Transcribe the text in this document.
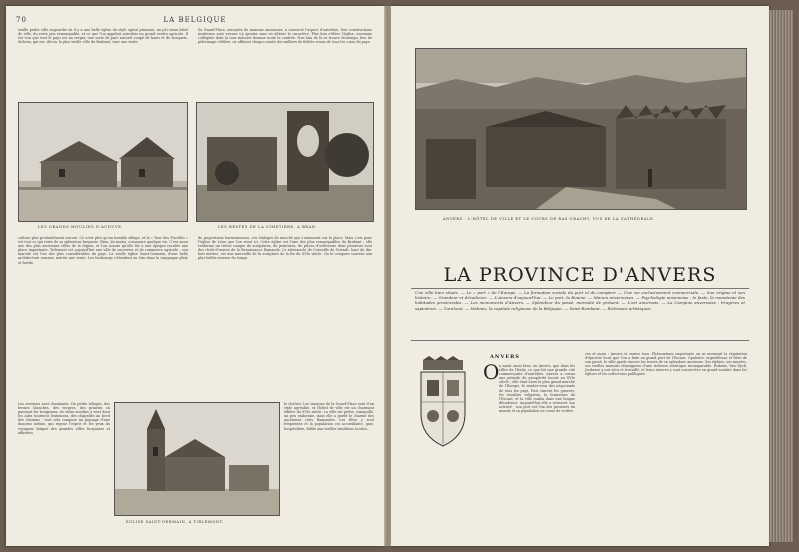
70	LA BELGIQUE
vieille petite ville engourdie où il y a une belle église du style ogival primaire, un joli vieux hôtel de ville, du reste peu remarquable, et ce que l'on appelait autrefois un grand centre agricole. Il est vrai que tout le pays est un verger, une sorte de parc naturel coupé de haies et de bosquets. Sichem, qui est, dit-on, la plus vieille ville du Brabant, vaut une visite.
Sa Grand'Place, entourée de maisons anciennes, a conservé l'aspect d'autrefois. Des constructions modernes sont venues s'y ajouter sans en altérer le caractère. Plus loin s'élève l'église, ancienne collégiale dont la tour massive domine toute la contrée. Non loin de là se trouve Montaigu, lieu de pèlerinage célèbre, où affluent chaque année des milliers de fidèles venus de tous les coins du pays.
LES GRANDS MOULINS D'AUDUVE.	LES RESTES DE LA CIMETIÈRE, A BRAN.
culture plus profondément encore. Ce n'est plus qu'un humble village, et la « Tour des Pucelles » est tout ce qui reste de sa splendeur bruyante. Rien, du moins, n'annonce quelque vie. C'est aussi une des plus anciennes villes de la région, et l'on assure qu'elle fut à une époque reculée une place importante. Tirlemont est aujourd'hui une ville de sucreries et de commerce agricole ; son marché est l'un des plus considérables du pays. La vieille église Saint-Germain, d'une belle architecture romane, mérite une visite. Les faubourgs s'étendent au loin dans la campagne plate et fertile.
de proportions harmonieuses, ces étalages de marché qui s'entassent sur la place. Mais c'est pour l'église de Léau que l'on vient ici. Cette église est l'une des plus remarquables du Brabant ; elle renferme un trésor unique de sculptures, de peintures, de pièces d'orfèvrerie dont plusieurs sont des chefs-d'œuvre de la Renaissance flamande. Le tabernacle de Corneille de Vriendt, haut de dix-huit mètres, est une merveille de la sculpture de la fin du XVIe siècle. On le compare souvent aux plus belles œuvres du temps.
Les environs sont charmants. De petits villages, des fermes blanches, des vergers, des prairies où paissent les troupeaux, de vieux moulins à vent dont les ailes tournent lentement, des chapelles au bord des chemins : tout cela compose un paysage d'une douceur infinie, qui repose l'esprit et les yeux du voyageur fatigué des grandes villes bruyantes et affairées.
ÉGLISE SAINT-GERMAIN, A TIRLEMONT.
le clocher. Les maisons de la Grand'Place sont d'un style agréable, et l'hôtel de ville est un charmant édifice du XVIe siècle. La ville est petite, tranquille, un peu endormie, mais elle a gardé le charme des anciennes cités flamandes. Les fêtes y sont fréquentes et la population est accueillante, gaie, hospitalière, fidèle aux vieilles traditions locales.
ANVERS : L'HÔTEL DE VILLE ET LE COURS DE RAS-CRACHT, VUS DE LA CATHÉDRALE.
LA PROVINCE D'ANVERS
Une ville bien située. — Le « port » de l'Europe. — La formation sociale du port et du comptoir. — Une vie exclusivement commerciale. — Son origine et son histoire. — Grandeur et décadence. — L'Anvers d'aujourd'hui. — Le port, la Bourse. — Mœurs anversoises. — Psychologie anversoise ; le faste, la monotonie des habitudes provinciales. — Les monuments d'Anvers. — Splendeur du passé, morosité de présent. — L'art anversois. — La Campine anversoise : bruyères et sapinières. — Turnhout. — Malines, la capitale religieuse de la Belgique. — Saint-Rombaut. — Richesses artistiques.
ANVERS
O n saisit aussi bien, en Anvers, que dans les villes de l'Italie, ce que fut une grande cité commerçante d'autrefois. Anvers a connu une période de prospérité inouïe au XVIe siècle ; elle était alors le plus grand marché de l'Europe, le rendez-vous des négociants de tous les pays. Puis vinrent les guerres, les troubles religieux, la fermeture de l'Escaut, et la ville tomba dans une longue décadence. Aujourd'hui elle a retrouvé son activité ; son port est l'un des premiers du monde et sa population ne cesse de croître.
ces et aussi : Anvers et rentre tous. Phénomènes importants on se mesurait la réputation d'épicerie local que l'on a faite au grand port de l'Escaut. Opulente, orgueilleuse et fière de son passé, la ville garde encore les traces de sa splendeur ancienne. Ses églises, ses musées, ses vieilles maisons témoignent d'une richesse artistique incomparable. Rubens, Van Dyck, Jordaens y ont vécu et travaillé, et leurs œuvres y sont conservées en grand nombre dans les églises et les collections publiques.
